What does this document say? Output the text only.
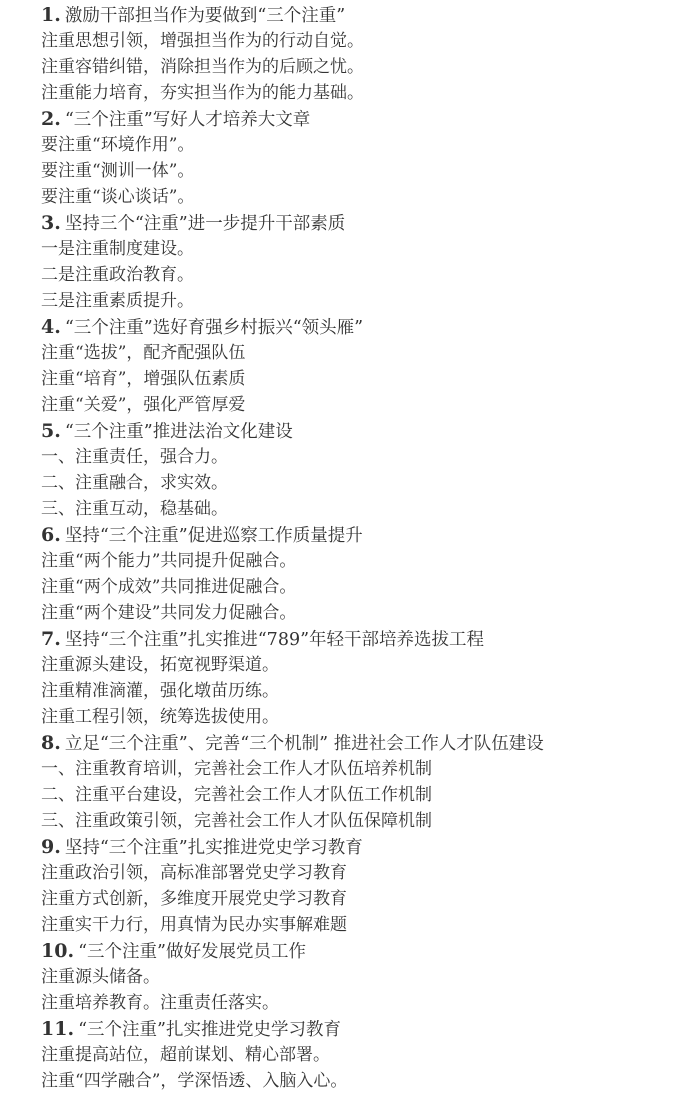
1. 激励干部担当作为要做到“三个注重”
注重思想引领，增强担当作为的行动自觉。
注重容错纠错，消除担当作为的后顾之忧。
注重能力培育，夯实担当作为的能力基础。
2. “三个注重”写好人才培养大文章
要注重“环境作用”。
要注重“测训一体”。
要注重“谈心谈话”。
3. 坚持三个“注重”进一步提升干部素质
一是注重制度建设。
二是注重政治教育。
三是注重素质提升。
4. “三个注重”选好育强乡村振兴“领头雁”
注重“选拔”，配齐配强队伍
注重“培育”，增强队伍素质
注重“关爱”，强化严管厚爱
5. “三个注重”推进法治文化建设
一、注重责任，强合力。
二、注重融合，求实效。
三、注重互动，稳基础。
6. 坚持“三个注重”促进巡察工作质量提升
注重“两个能力”共同提升促融合。
注重“两个成效”共同推进促融合。
注重“两个建设”共同发力促融合。
7. 坚持“三个注重”扎实推进“789”年轻干部培养选拔工程
注重源头建设，拓宽视野渠道。
注重精准滴灌，强化墩苗历练。
注重工程引领，统筹选拔使用。
8. 立足“三个注重”、完善“三个机制” 推进社会工作人才队伍建设
一、注重教育培训，完善社会工作人才队伍培养机制
二、注重平台建设，完善社会工作人才队伍工作机制
三、注重政策引领，完善社会工作人才队伍保障机制
9. 坚持“三个注重”扎实推进党史学习教育
注重政治引领，高标准部署党史学习教育
注重方式创新，多维度开展党史学习教育
注重实干力行，用真情为民办实事解难题
10. “三个注重”做好发展党员工作
注重源头储备。
注重培养教育。注重责任落实。
11. “三个注重”扎实推进党史学习教育
注重提高站位，超前谋划、精心部署。
注重“四学融合”，学深悟透、入脑入心。
